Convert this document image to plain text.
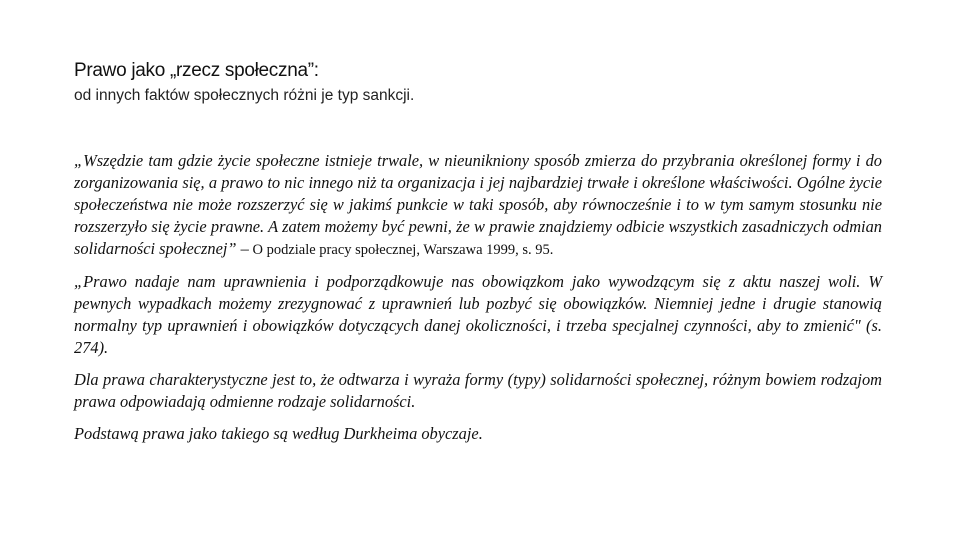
Prawo jako „rzecz społeczna”:
od innych faktów społecznych różni je typ sankcji.

„Wszędzie tam gdzie życie społeczne istnieje trwale, w nieunikniony sposób zmierza do przybrania określonej formy i do zorganizowania się, a prawo to nic innego niż ta organizacja i jej najbardziej trwałe i określone właściwości. Ogólne życie społeczeństwa nie może rozszerzyć się w jakimś punkcie w taki sposób, aby równocześnie i to w tym samym stosunku nie rozszerzyło się życie prawne. A zatem możemy być pewni, że w prawie znajdziemy odbicie wszystkich zasadniczych odmian solidarności społecznej” – O podziale pracy społecznej, Warszawa 1999, s. 95.

„Prawo nadaje nam uprawnienia i podporządkowuje nas obowiązkom jako wywodzącym się z aktu naszej woli. W pewnych wypadkach możemy zrezygnować z uprawnień lub pozbyć się obowiązków. Niemniej jedne i drugie stanowią normalny typ uprawnień i obowiązków dotyczących danej okoliczności, i trzeba specjalnej czynności, aby to zmienić" (s. 274).

Dla prawa charakterystyczne jest to, że odtwarza i wyraża formy (typy) solidarności społecznej, różnym bowiem rodzajom prawa odpowiadają odmienne rodzaje solidarności.

Podstawą prawa jako takiego są według Durkheima obyczaje.
